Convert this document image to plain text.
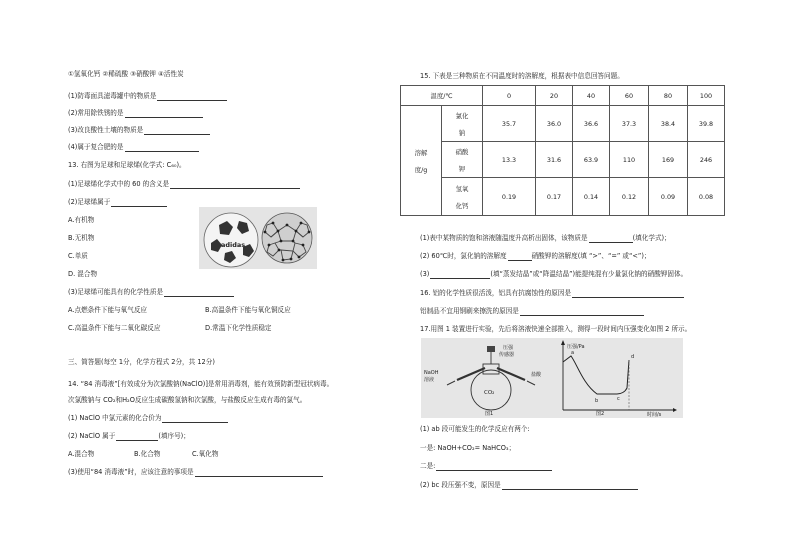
①氢氧化钙 ②稀硫酸 ③硝酸钾 ④活性炭
(1)防毒面具滤毒罐中的物质是
(2)常用除铁锈的是
(3)改良酸性土壤的物质是
(4)属于复合肥的是
13. 右图为足球和足球烯(化学式: C₆₀)。
(1)足球烯化学式中的 60 的含义是
(2)足球烯属于
A.有机物
B.无机物
C.单质
D. 混合物
adidas
(3)足球烯可能具有的化学性质是
A.点燃条件下能与氧气反应	B.高温条件下能与氧化铜反应
C.高温条件下能与二氧化碳反应	D.常温下化学性质稳定
三、简答题(每空 1分，化学方程式 2分，共 12分)
14. “84 消毒液”[有效成分为次氯酸钠(NaClO)]是常用消毒剂，能有效预防新型冠状病毒。
次氯酸钠与 CO₂和H₂O反应生成碳酸氢钠和次氯酸，与盐酸反应生成有毒的氯气。
(1) NaClO 中氯元素的化合价为
(2) NaClO 属于	(填序号)；
A.混合物	B.化合物	C.氧化物
(3)使用“84 消毒液”时，应该注意的事项是
15. 下表是三种物质在不同温度时的溶解度，根据表中信息回答问题。
温度/℃		0	20	40	60	80	100
溶解

度/g	氯化

钠	35.7	36.0	36.6	37.3	38.4	39.8
	硝酸

钾	13.3	31.6	63.9	110	169	246
	氢氧

化钙	0.19	0.17	0.14	0.12	0.09	0.08
(1)表中某物质的饱和溶液随温度升高析出固体，该物质是	(填化学式)；
(2) 60℃时，氯化钠的溶解度	硝酸钾的溶解度(填 “>”、“=” 或“<”)；
(3)	(填“蒸发结晶”或“降温结晶”)能提纯混有少量氯化钠的硝酸钾固体。
16. 铝的化学性质很活泼，铝具有抗腐蚀性的原因是
铝制品不宜用钢刷来擦洗的原因是
17.用图 1 装置进行实验，先后将溶液快速全部推入，测得一段时间内压强变化如图 2 所示。
NaOH
溶液
压强
传感器
盐酸
CO₂
图1
压强/Pa
时间/s
a
b	c
d
图2
(1) ab 段可能发生的化学反应有两个:
一是: NaOH+CO₂= NaHCO₃；
二是:
(2) bc 段压强不变，原因是
